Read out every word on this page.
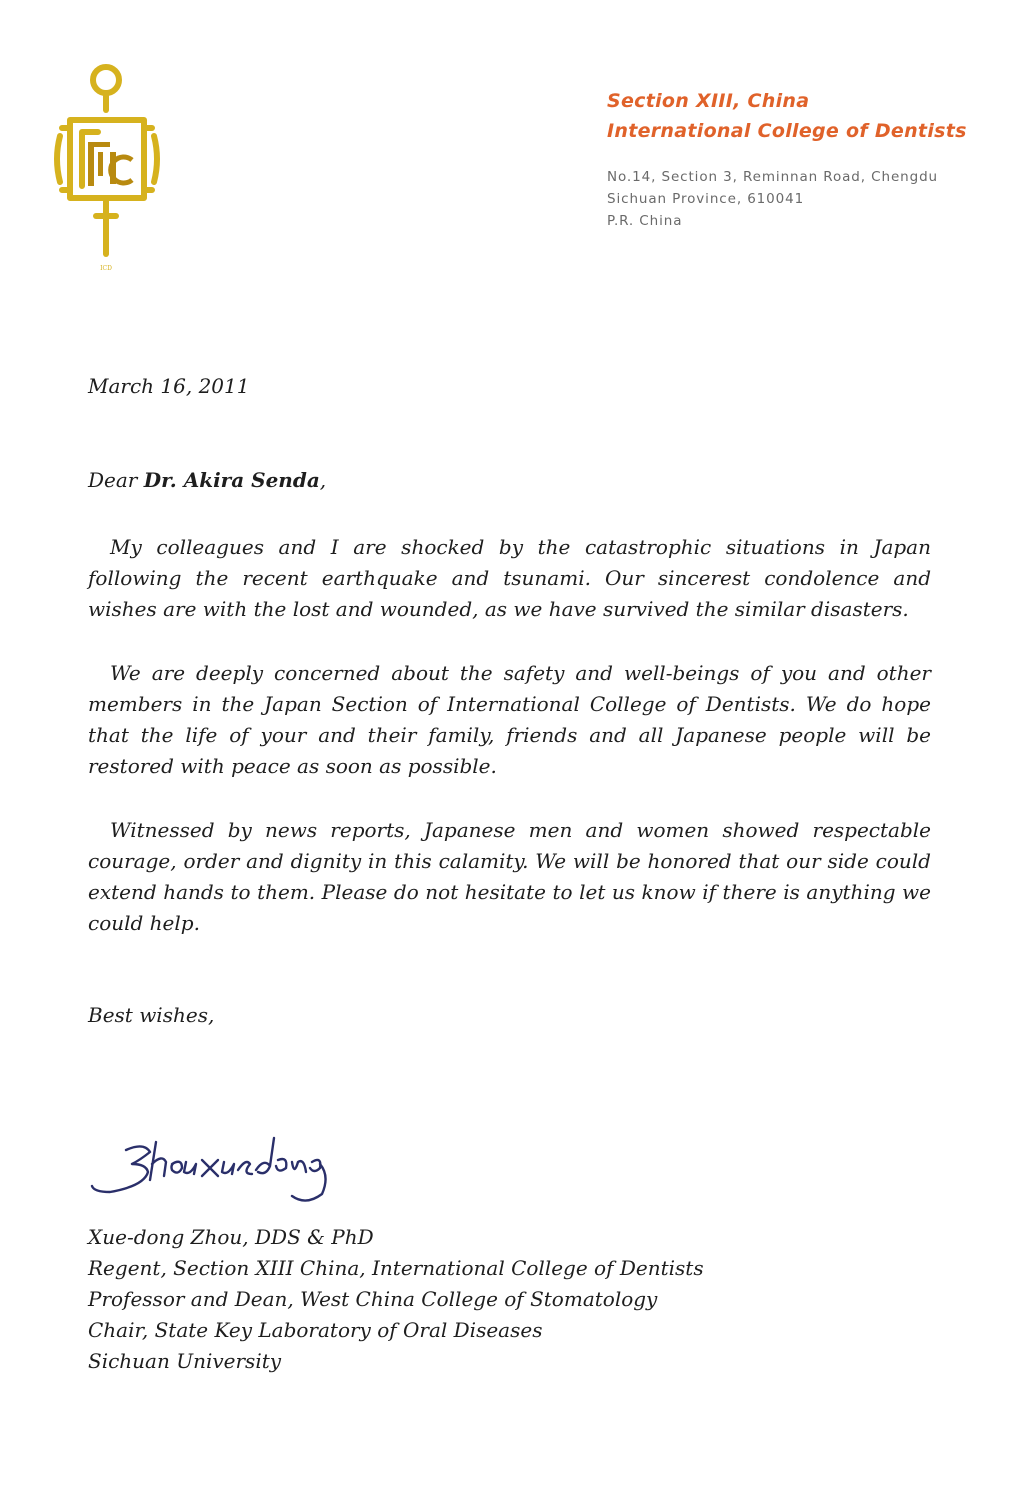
ICD
Section XIII, China
International College of Dentists
No.14, Section 3, Reminnan Road, Chengdu
Sichuan Province, 610041
P.R. China
March 16, 2011
Dear Dr. Akira Senda,

My colleagues and I are shocked by the catastrophic situations in Japan following the recent earthquake and tsunami. Our sincerest condolence and wishes are with the lost and wounded, as we have survived the similar disasters.

We are deeply concerned about the safety and well-beings of you and other members in the Japan Section of International College of Dentists. We do hope that the life of your and their family, friends and all Japanese people will be restored with peace as soon as possible.

Witnessed by news reports, Japanese men and women showed respectable courage, order and dignity in this calamity. We will be honored that our side could extend hands to them. Please do not hesitate to let us know if there is anything we could help.

Best wishes,
Xue-dong Zhou, DDS & PhD
Regent, Section XIII China, International College of Dentists
Professor and Dean, West China College of Stomatology
Chair, State Key Laboratory of Oral Diseases
Sichuan University
